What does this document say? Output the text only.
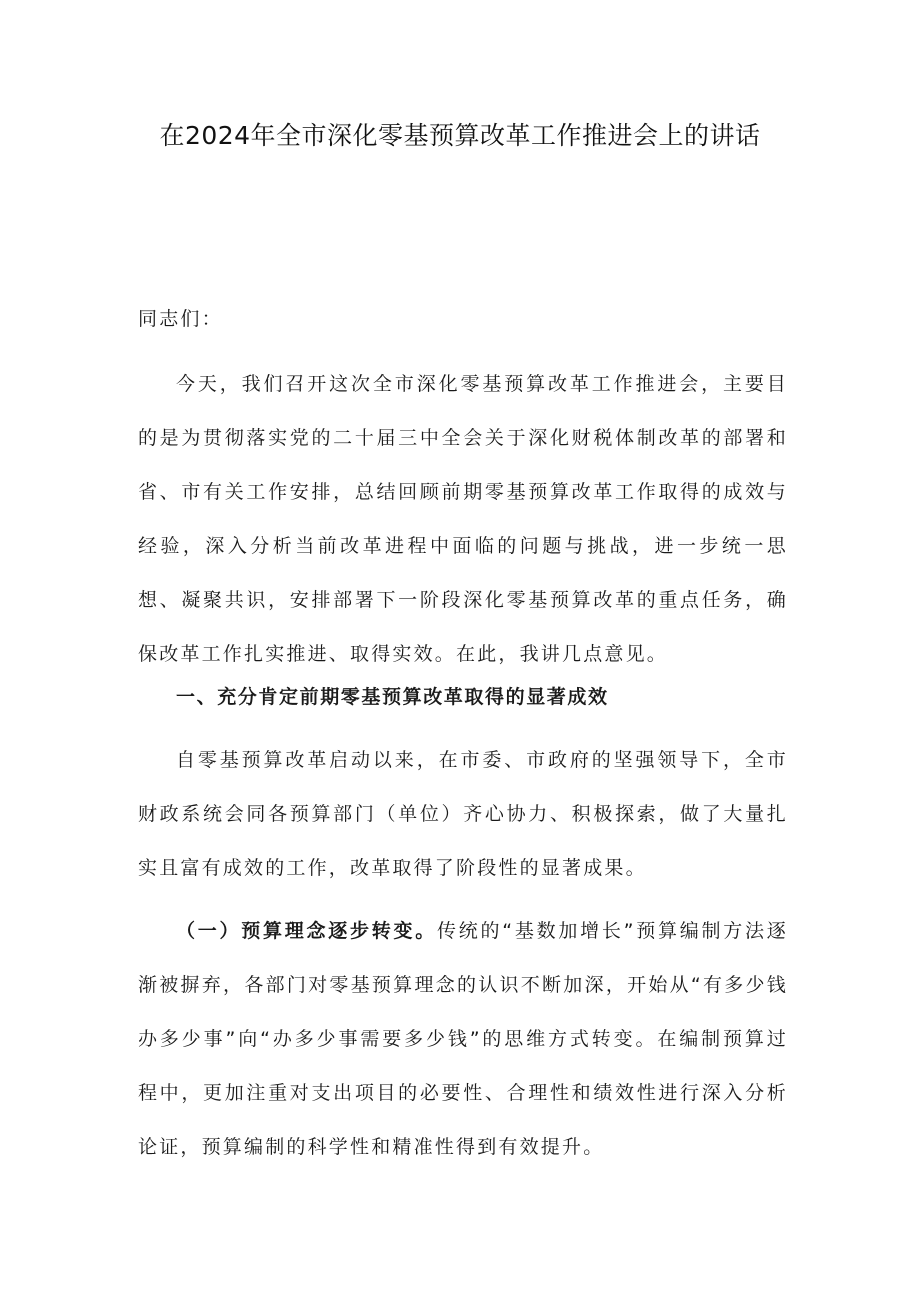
在2024年全市深化零基预算改革工作推进会上的讲话

同志们：

今天，我们召开这次全市深化零基预算改革工作推进会，主要目的是为贯彻落实党的二十届三中全会关于深化财税体制改革的部署和省、市有关工作安排，总结回顾前期零基预算改革工作取得的成效与经验，深入分析当前改革进程中面临的问题与挑战，进一步统一思想、凝聚共识，安排部署下一阶段深化零基预算改革的重点任务，确保改革工作扎实推进、取得实效。在此，我讲几点意见。

一、充分肯定前期零基预算改革取得的显著成效

自零基预算改革启动以来，在市委、市政府的坚强领导下，全市财政系统会同各预算部门（单位）齐心协力、积极探索，做了大量扎实且富有成效的工作，改革取得了阶段性的显著成果。

（一）预算理念逐步转变。传统的“基数加增长”预算编制方法逐渐被摒弃，各部门对零基预算理念的认识不断加深，开始从“有多少钱办多少事”向“办多少事需要多少钱”的思维方式转变。在编制预算过程中，更加注重对支出项目的必要性、合理性和绩效性进行深入分析论证，预算编制的科学性和精准性得到有效提升。
